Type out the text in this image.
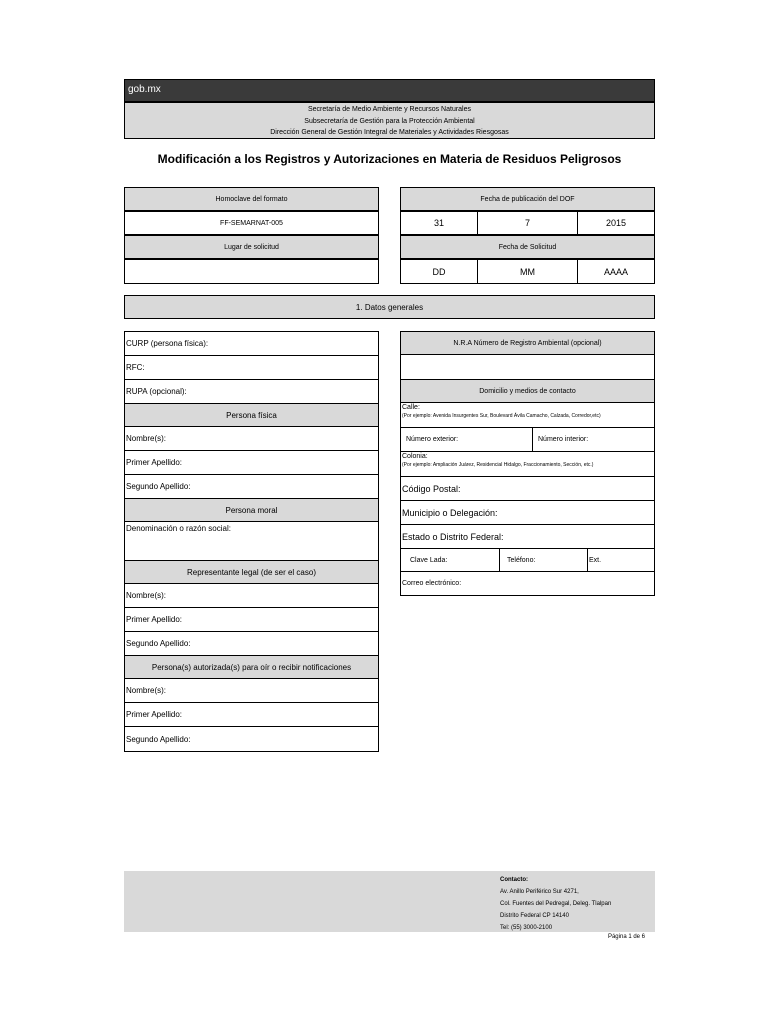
gob.mx
Secretaría de Medio Ambiente y Recursos Naturales
Subsecretaría de Gestión para la Protección Ambiental
Dirección General de Gestión Integral de Materiales y Actividades Riesgosas
Modificación a los Registros y Autorizaciones en Materia de Residuos Peligrosos
Homoclave del formato
FF-SEMARNAT-005
Lugar de solicitud
Fecha de publicación del DOF
31	7	2015
Fecha de Solicitud
DD	MM	AAAA
1. Datos generales
CURP (persona física):
RFC:
RUPA (opcional):
Persona física
Nombre(s):
Primer Apellido:
Segundo Apellido:
Persona moral
Denominación o razón social:
Representante legal (de ser el caso)
Nombre(s):
Primer Apellido:
Segundo Apellido:
Persona(s) autorizada(s) para oír o recibir notificaciones
Nombre(s):
Primer Apellido:
Segundo Apellido:
N.R.A Número de Registro Ambiental (opcional)
Domicilio y medios de contacto
Calle:
(Por ejemplo: Avenida Insurgentes Sur, Boulevard Ávila Camacho, Calzada, Corredor,etc)
Número exterior:	Número interior:
Colonia:
(Por ejemplo: Ampliación Juárez, Residencial Hidalgo, Fraccionamiento, Sección, etc.)
Código Postal:
Municipio o Delegación:
Estado o Distrito Federal:
Clave Lada:	Teléfono:	Ext.
Correo electrónico:
Contacto:
Av. Anillo Periférico Sur 4271,
Col. Fuentes del Pedregal, Deleg. Tlalpan
Distrito Federal CP 14140
Tel: (55) 3000-2100
Página 1 de 6
